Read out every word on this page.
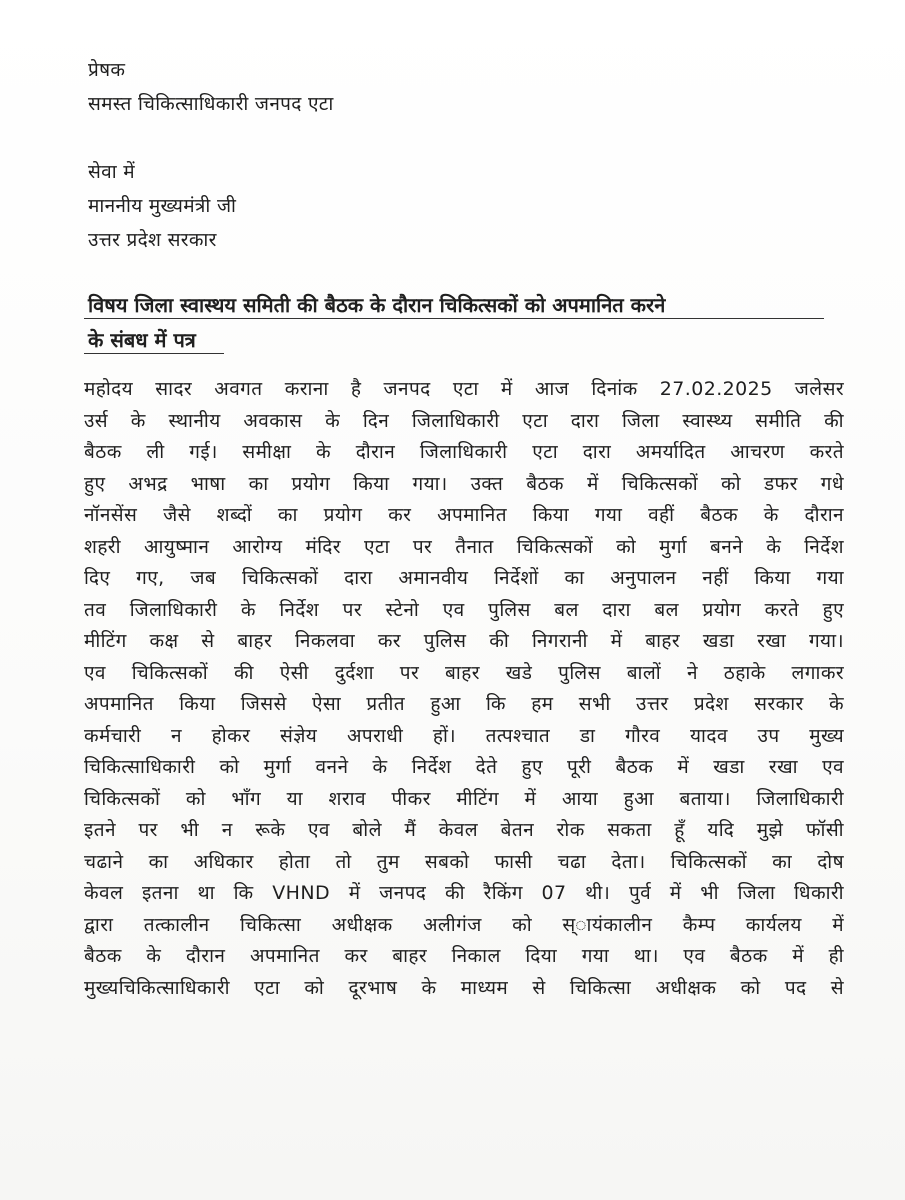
प्रेषक
समस्त चिकित्साधिकारी जनपद एटा
सेवा में
माननीय मुख्यमंत्री जी
उत्तर प्रदेश सरकार
विषय जिला स्वास्थय समिती की बैठक के दौरान चिकित्सकों को अपमानित करने
के संबध में पत्र
महोदय सादर अवगत कराना है जनपद एटा में आज दिनांक 27.02.2025 जलेसर
उर्स के स्थानीय अवकास के दिन जिलाधिकारी एटा दारा जिला स्वास्थ्य समीति की
बैठक ली गई। समीक्षा के दौरान जिलाधिकारी एटा दारा अमर्यादित आचरण करते
हुए अभद्र भाषा का प्रयोग किया गया। उक्त बैठक में चिकित्सकों को डफर गधे
नॉनसेंस जैसे शब्दों का प्रयोग कर अपमानित किया गया वहीं बैठक के दौरान
शहरी आयुष्मान आरोग्य मंदिर एटा पर तैनात चिकित्सकों को मुर्गा बनने के निर्देश
दिए गए, जब चिकित्सकों दारा अमानवीय निर्देशों का अनुपालन नहीं किया गया
तव जिलाधिकारी के निर्देश पर स्टेनो एव पुलिस बल दारा बल प्रयोग करते हुए
मीटिंग कक्ष से बाहर निकलवा कर पुलिस की निगरानी में बाहर खडा रखा गया।
एव चिकित्सकों की ऐसी दुर्दशा पर बाहर खडे पुलिस बालों ने ठहाके लगाकर
अपमानित किया जिससे ऐसा प्रतीत हुआ कि हम सभी उत्तर प्रदेश सरकार के
कर्मचारी न होकर संज्ञेय अपराधी हों। तत्पश्चात डा गौरव यादव उप मुख्य
चिकित्साधिकारी को मुर्गा वनने के निर्देश देते हुए पूरी बैठक में खडा रखा एव
चिकित्सकों को भॉंग या शराव पीकर मीटिंग में आया हुआ बताया। जिलाधिकारी
इतने पर भी न रूके एव बोले मैं केवल बेतन रोक सकता हूँ यदि मुझे फॉसी
चढाने का अधिकार होता तो तुम सबको फासी चढा देता। चिकित्सकों का दोष
केवल इतना था कि VHND में जनपद की रैकिंग 07 थी। पुर्व में भी जिला धिकारी
द्वारा तत्कालीन चिकित्सा अधीक्षक अलीगंज को स्ायंकालीन कैम्प कार्यलय में
बैठक के दौरान अपमानित कर बाहर निकाल दिया गया था। एव बैठक में ही
मुख्यचिकित्साधिकारी एटा को दूरभाष के माध्यम से चिकित्सा अधीक्षक को पद से
